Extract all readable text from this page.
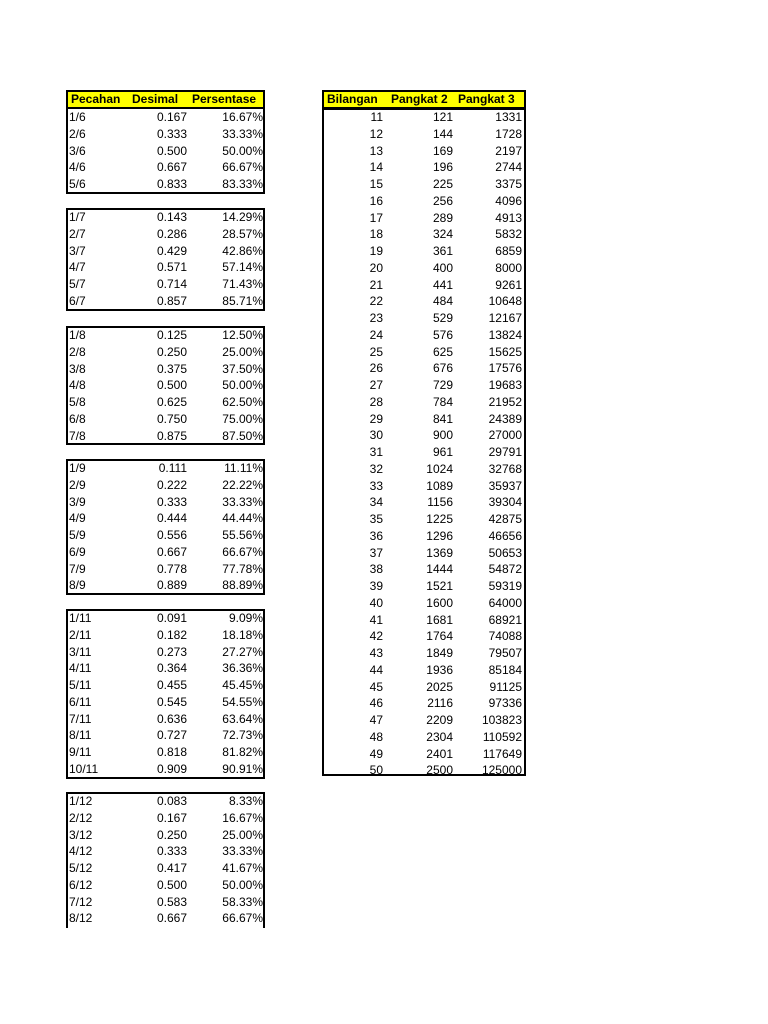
Pecahan Desimal Persentase
1/6	0.167	16.67%
2/6	0.333	33.33%
3/6	0.500	50.00%
4/6	0.667	66.67%
5/6	0.833	83.33%
1/7	0.143	14.29%
2/7	0.286	28.57%
3/7	0.429	42.86%
4/7	0.571	57.14%
5/7	0.714	71.43%
6/7	0.857	85.71%
1/8	0.125	12.50%
2/8	0.250	25.00%
3/8	0.375	37.50%
4/8	0.500	50.00%
5/8	0.625	62.50%
6/8	0.750	75.00%
7/8	0.875	87.50%
1/9	0.111	11.11%
2/9	0.222	22.22%
3/9	0.333	33.33%
4/9	0.444	44.44%
5/9	0.556	55.56%
6/9	0.667	66.67%
7/9	0.778	77.78%
8/9	0.889	88.89%
1/11	0.091	9.09%
2/11	0.182	18.18%
3/11	0.273	27.27%
4/11	0.364	36.36%
5/11	0.455	45.45%
6/11	0.545	54.55%
7/11	0.636	63.64%
8/11	0.727	72.73%
9/11	0.818	81.82%
10/11	0.909	90.91%
1/12	0.083	8.33%
2/12	0.167	16.67%
3/12	0.250	25.00%
4/12	0.333	33.33%
5/12	0.417	41.67%
6/12	0.500	50.00%
7/12	0.583	58.33%
8/12	0.667	66.67%
Bilangan Pangkat 2 Pangkat 3
11	121	1331
12	144	1728
13	169	2197
14	196	2744
15	225	3375
16	256	4096
17	289	4913
18	324	5832
19	361	6859
20	400	8000
21	441	9261
22	484	10648
23	529	12167
24	576	13824
25	625	15625
26	676	17576
27	729	19683
28	784	21952
29	841	24389
30	900	27000
31	961	29791
32	1024	32768
33	1089	35937
34	1156	39304
35	1225	42875
36	1296	46656
37	1369	50653
38	1444	54872
39	1521	59319
40	1600	64000
41	1681	68921
42	1764	74088
43	1849	79507
44	1936	85184
45	2025	91125
46	2116	97336
47	2209 103823
48	2304 110592
49	2401 117649
50	2500 125000
